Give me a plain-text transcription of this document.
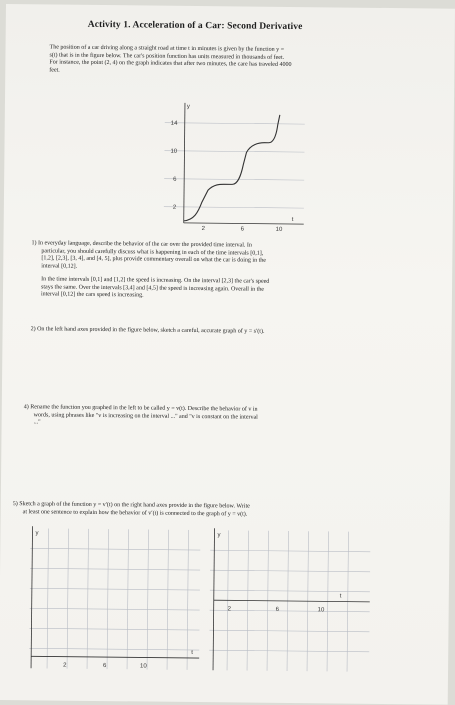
Activity 1. Acceleration of a Car: Second Derivative
The position of a car driving along a straight road at time t in minutes is given by the function y =
s(t) that is in the figure below. The car's position function has units measured in thousands of feet.
For instance, the point (2, 4) on the graph indicates that after two minutes, the care has traveled 4000
feet.
y
t
14
10
6
2
2	6	10
1) In everyday language, describe the behavior of the car over the provided time interval. In
particular, you should carefully discuss what is happening in each of the time intervals [0,1],
[1,2], [2,3], [3, 4], and [4, 5], plus provide commentary overall on what the car is doing in the
interval [0,12].
In the time intervals [0,1] and [1,2] the speed is increasing. On the interval [2,3] the car's speed
stays the same. Over the intervals [3,4] and [4,5] the speed is increasing again. Overall in the
interval [0,12] the cars speed is increasing.
2) On the left hand axes provided in the figure below, sketch a careful, accurate graph of y = s′(t).
4) Rename the function you graphed in the left to be called y = v(t). Describe the behavior of v in
words, using phrases like "v is increasing on the interval ..." and "v is constant on the interval
..."
5) Sketch a graph of the function y = v′(t) on the right hand axes provide in the figure below. Write
at least one sentence to explain how the behavior of v′(t) is connected to the graph of y = v(t).
y
t
2	6	10
y
t
2	6	10
